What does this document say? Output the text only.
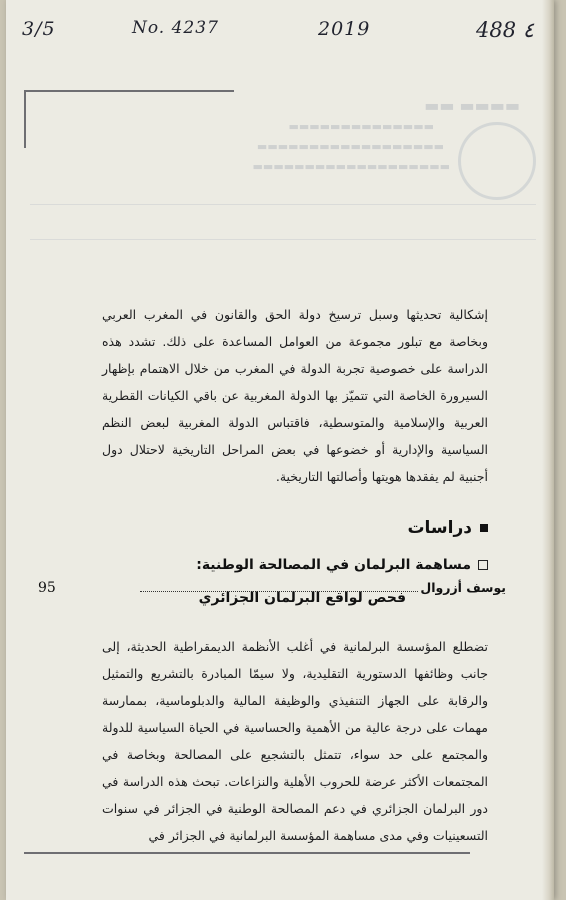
3/5	No. 4237	2019	488 ٤
▬▬▬▬ ▬▬
▬▬▬▬▬▬▬▬▬▬▬▬▬▬
▬▬▬▬▬▬▬▬▬▬▬▬▬▬▬▬▬▬
▬▬▬▬▬▬▬▬▬▬▬▬▬▬▬▬▬▬▬

إشكالية تحديثها وسبل ترسيخ دولة الحق والقانون في المغرب العربي وبخاصة مع تبلور مجموعة من العوامل المساعدة على ذلك. تشدد هذه الدراسة على خصوصية تجربة الدولة في المغرب من خلال الاهتمام بإظهار السيرورة الخاصة التي تتميّز بها الدولة المغربية عن باقي الكيانات القطرية العربية والإسلامية والمتوسطية، فاقتباس الدولة المغربية لبعض النظم السياسية والإدارية أو خضوعها في بعض المراحل التاريخية لاحتلال دول أجنبية لم يفقدها هويتها وأصالتها التاريخية.

دراسات
مساهمة البرلمان في المصالحة الوطنية:
95	يوسف أزروال
فحص لواقع البرلمان الجزائري

تضطلع المؤسسة البرلمانية في أغلب الأنظمة الديمقراطية الحديثة، إلى جانب وظائفها الدستورية التقليدية، ولا سيمّا المبادرة بالتشريع والتمثيل والرقابة على الجهاز التنفيذي والوظيفة المالية والدبلوماسية، بممارسة مهمات على درجة عالية من الأهمية والحساسية في الحياة السياسية للدولة والمجتمع على حد سواء، تتمثل بالتشجيع على المصالحة وبخاصة في المجتمعات الأكثر عرضة للحروب الأهلية والنزاعات. تبحث هذه الدراسة في دور البرلمان الجزائري في دعم المصالحة الوطنية في الجزائر في سنوات التسعينيات وفي مدى مساهمة المؤسسة البرلمانية في الجزائر في
